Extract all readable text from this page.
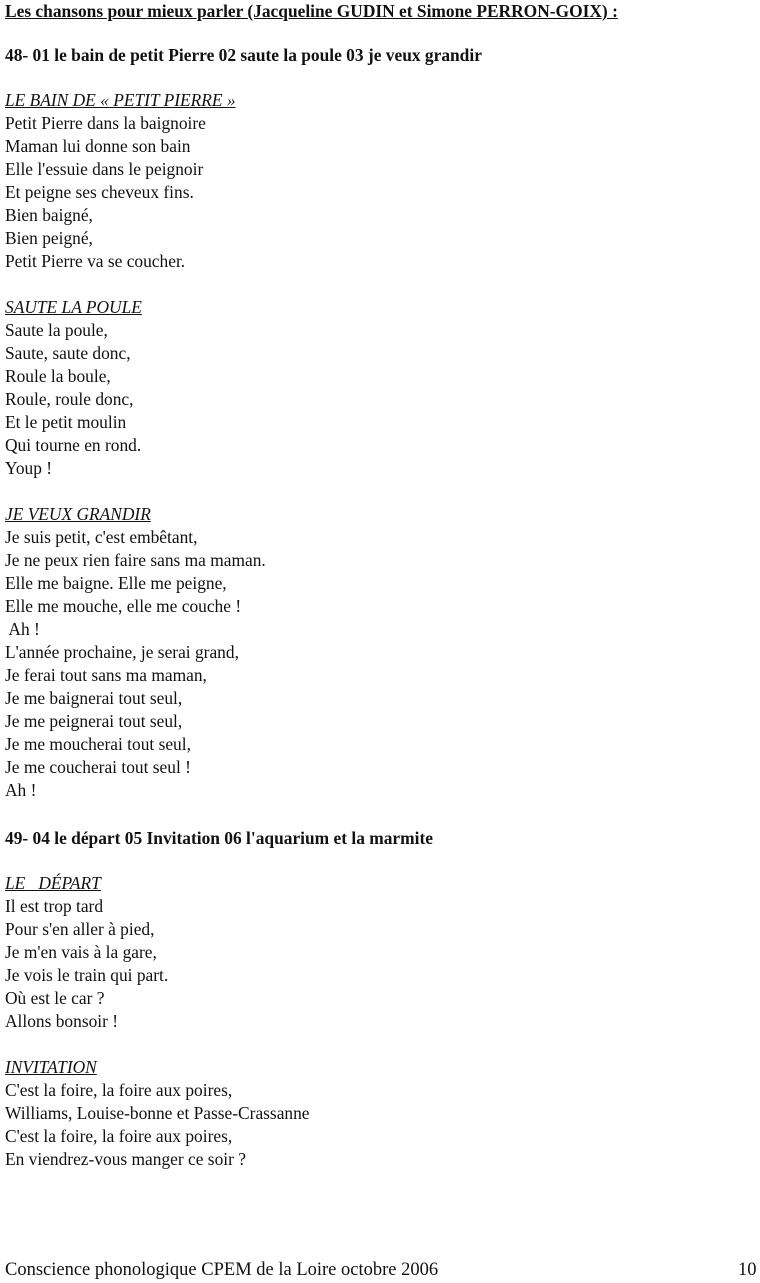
Les chansons pour mieux parler (Jacqueline GUDIN et Simone PERRON-GOIX) :
48- 01 le bain de petit Pierre 02 saute la poule 03 je veux grandir
LE BAIN DE « PETIT PIERRE »
Petit Pierre dans la baignoire
Maman lui donne son bain
Elle l'essuie dans le peignoir
Et peigne ses cheveux fins.
Bien baigné,
Bien peigné,
Petit Pierre va se coucher.
SAUTE LA POULE
Saute la poule,
Saute, saute donc,
Roule la boule,
Roule, roule donc,
Et le petit moulin
Qui tourne en rond.
Youp !
JE VEUX GRANDIR
Je suis petit, c'est embêtant,
Je ne peux rien faire sans ma maman.
Elle me baigne. Elle me peigne,
Elle me mouche, elle me couche !
Ah !
L'année prochaine, je serai grand,
Je ferai tout sans ma maman,
Je me baignerai tout seul,
Je me peignerai tout seul,
Je me moucherai tout seul,
Je me coucherai tout seul !
Ah !
49- 04 le départ 05 Invitation 06 l'aquarium et la marmite
LE   DÉPART
Il est trop tard
Pour s'en aller à pied,
Je m'en vais à la gare,
Je vois le train qui part.
Où est le car ?
Allons bonsoir !
INVITATION
C'est la foire, la foire aux poires,
Williams, Louise-bonne et Passe-Crassanne
C'est la foire, la foire aux poires,
En viendrez-vous manger ce soir ?
Conscience phonologique CPEM de la Loire octobre 2006	10
